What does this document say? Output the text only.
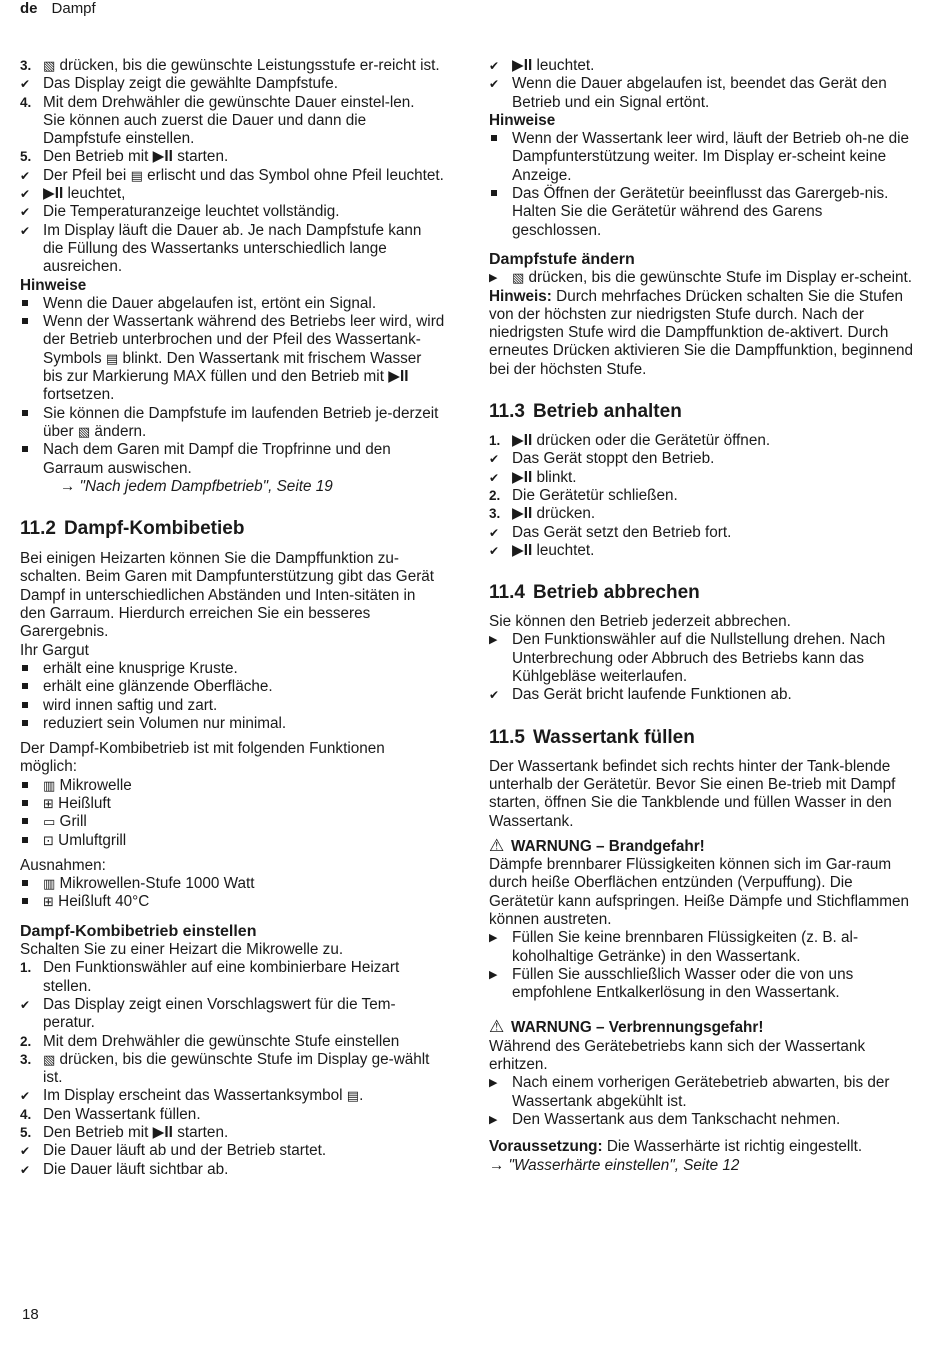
de Dampf
3. ▧ drücken, bis die gewünschte Leistungsstufe er-reicht ist.
✔ Das Display zeigt die gewählte Dampfstufe.
4. Mit dem Drehwähler die gewünschte Dauer einstel-len.
Sie können auch zuerst die Dauer und dann die Dampfstufe einstellen.
5. Den Betrieb mit ▶II starten.
✔ Der Pfeil bei ▤ erlischt und das Symbol ohne Pfeil leuchtet.
✔ ▶II leuchtet,
✔ Die Temperaturanzeige leuchtet vollständig.
✔ Im Display läuft die Dauer ab. Je nach Dampfstufe kann die Füllung des Wassertanks unterschiedlich lange ausreichen.
Hinweise
Wenn die Dauer abgelaufen ist, ertönt ein Signal.
Wenn der Wassertank während des Betriebs leer wird, wird der Betrieb unterbrochen und der Pfeil des Wassertank-Symbols ▤ blinkt. Den Wassertank mit frischem Wasser bis zur Markierung MAX füllen und den Betrieb mit ▶II fortsetzen.
Sie können die Dampfstufe im laufenden Betrieb je-derzeit über ▧ ändern.
Nach dem Garen mit Dampf die Tropfrinne und den Garraum auswischen.
→ "Nach jedem Dampfbetrieb", Seite 19
11.2 Dampf-Kombibetieb
Bei einigen Heizarten können Sie die Dampffunktion zu-schalten. Beim Garen mit Dampfunterstützung gibt das Gerät Dampf in unterschiedlichen Abständen und Inten-sitäten in den Garraum. Hierdurch erreichen Sie ein besseres Garergebnis.
Ihr Gargut
erhält eine knusprige Kruste.
erhält eine glänzende Oberfläche.
wird innen saftig und zart.
reduziert sein Volumen nur minimal.
Der Dampf-Kombibetrieb ist mit folgenden Funktionen möglich:
▥ Mikrowelle
⊞ Heißluft
▭ Grill
⊡ Umluftgrill
Ausnahmen:
▥ Mikrowellen-Stufe 1000 Watt
⊞ Heißluft 40°C
Dampf-Kombibetrieb einstellen
Schalten Sie zu einer Heizart die Mikrowelle zu.
1. Den Funktionswähler auf eine kombinierbare Heizart stellen.
✔ Das Display zeigt einen Vorschlagswert für die Tem-peratur.
2. Mit dem Drehwähler die gewünschte Stufe einstellen
3. ▧ drücken, bis die gewünschte Stufe im Display ge-wählt ist.
✔ Im Display erscheint das Wassertanksymbol ▤.
4. Den Wassertank füllen.
5. Den Betrieb mit ▶II starten.
✔ Die Dauer läuft ab und der Betrieb startet.
✔ Die Dauer läuft sichtbar ab.
✔ ▶II leuchtet.
✔ Wenn die Dauer abgelaufen ist, beendet das Gerät den Betrieb und ein Signal ertönt.
Hinweise
Wenn der Wassertank leer wird, läuft der Betrieb oh-ne die Dampfunterstützung weiter. Im Display er-scheint keine Anzeige.
Das Öffnen der Gerätetür beeinflusst das Garergeb-nis. Halten Sie die Gerätetür während des Garens geschlossen.
Dampfstufe ändern
▶	▧ drücken, bis die gewünschte Stufe im Display er-scheint.
Hinweis: Durch mehrfaches Drücken schalten Sie die Stufen von der höchsten zur niedrigsten Stufe durch. Nach der niedrigsten Stufe wird die Dampffunktion de-aktivert. Durch erneutes Drücken aktivieren Sie die Dampffunktion, beginnend bei der höchsten Stufe.
11.3 Betrieb anhalten
1. ▶II drücken oder die Gerätetür öffnen.
✔ Das Gerät stoppt den Betrieb.
✔ ▶II blinkt.
2. Die Gerätetür schließen.
3. ▶II drücken.
✔ Das Gerät setzt den Betrieb fort.
✔ ▶II leuchtet.
11.4 Betrieb abbrechen
Sie können den Betrieb jederzeit abbrechen.
▶ Den Funktionswähler auf die Nullstellung drehen. Nach Unterbrechung oder Abbruch des Betriebs kann das Kühlgebläse weiterlaufen.
✔ Das Gerät bricht laufende Funktionen ab.
11.5 Wassertank füllen
Der Wassertank befindet sich rechts hinter der Tank-blende unterhalb der Gerätetür. Bevor Sie einen Be-trieb mit Dampf starten, öffnen Sie die Tankblende und füllen Wasser in den Wassertank.
⚠ WARNUNG – Brandgefahr!
Dämpfe brennbarer Flüssigkeiten können sich im Gar-raum durch heiße Oberflächen entzünden (Verpuffung). Die Gerätetür kann aufspringen. Heiße Dämpfe und Stichflammen können austreten.
▶ Füllen Sie keine brennbaren Flüssigkeiten (z. B. al-koholhaltige Getränke) in den Wassertank.
▶ Füllen Sie ausschließlich Wasser oder die von uns empfohlene Entkalkerlösung in den Wassertank.
⚠ WARNUNG – Verbrennungsgefahr!
Während des Gerätebetriebs kann sich der Wassertank erhitzen.
▶ Nach einem vorherigen Gerätebetrieb abwarten, bis der Wassertank abgekühlt ist.
▶ Den Wassertank aus dem Tankschacht nehmen.
Voraussetzung: Die Wasserhärte ist richtig eingestellt.
→ "Wasserhärte einstellen", Seite 12
18
